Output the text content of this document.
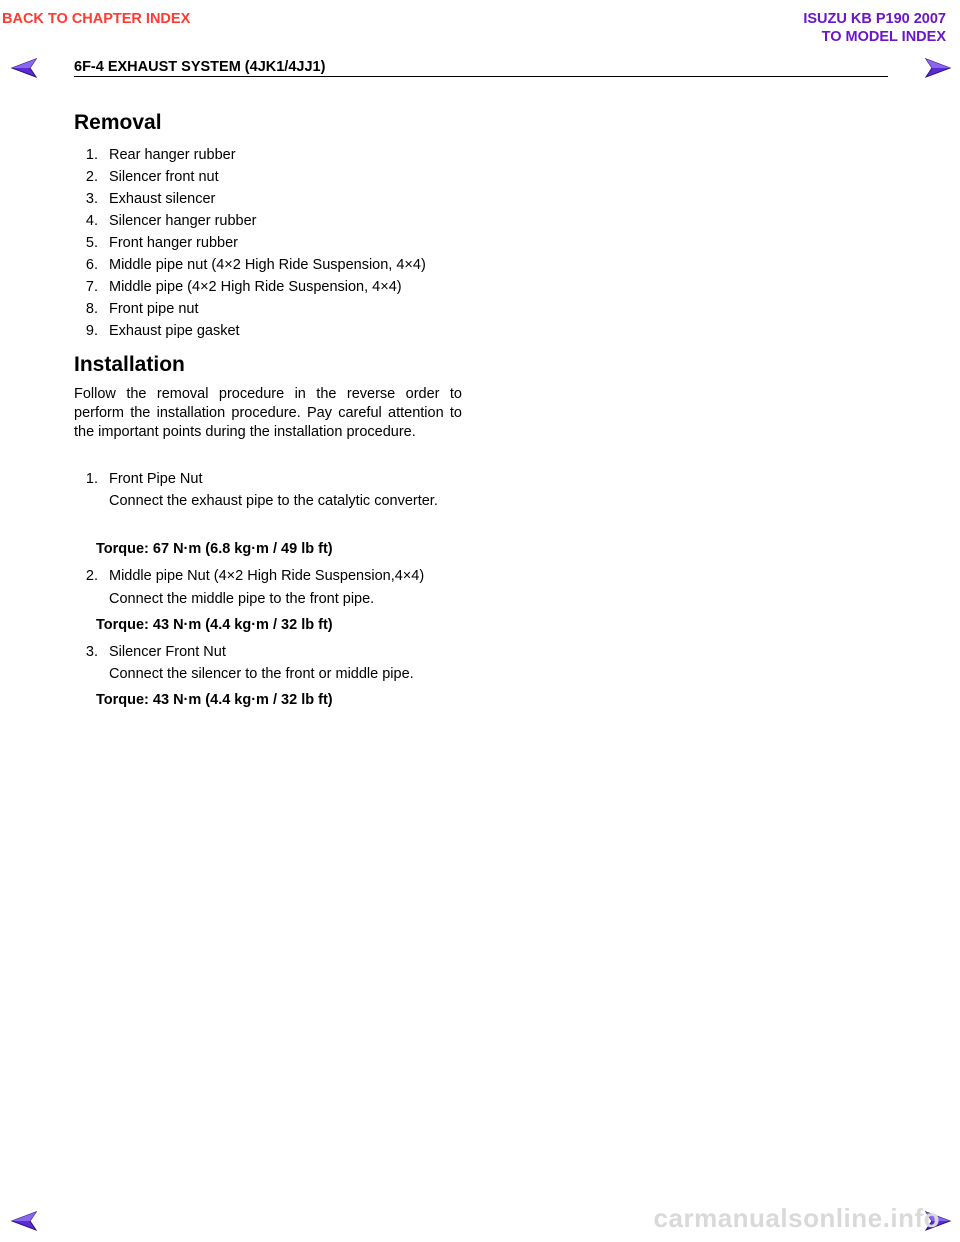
BACK TO CHAPTER INDEX	ISUZU KB P190 2007
TO MODEL INDEX
6F-4 EXHAUST SYSTEM (4JK1/4JJ1)
Removal
1. Rear hanger rubber
2. Silencer front nut
3. Exhaust silencer
4. Silencer hanger rubber
5. Front hanger rubber
6. Middle pipe nut (4×2 High Ride Suspension, 4×4)
7. Middle pipe (4×2 High Ride Suspension, 4×4)
8. Front pipe nut
9. Exhaust pipe gasket
Installation
Follow the removal procedure in the reverse order to perform the installation procedure. Pay careful attention to the important points during the installation procedure.
1. Front Pipe Nut
Connect the exhaust pipe to the catalytic converter.
Torque: 67 N·m (6.8 kg·m / 49 lb ft)
2. Middle pipe Nut (4×2 High Ride Suspension,4×4)
Connect the middle pipe to the front pipe.
Torque: 43 N·m (4.4 kg·m / 32 lb ft)
3. Silencer Front Nut
Connect the silencer to the front or middle pipe.
Torque: 43 N·m (4.4 kg·m / 32 lb ft)
carmanualsonline.info
